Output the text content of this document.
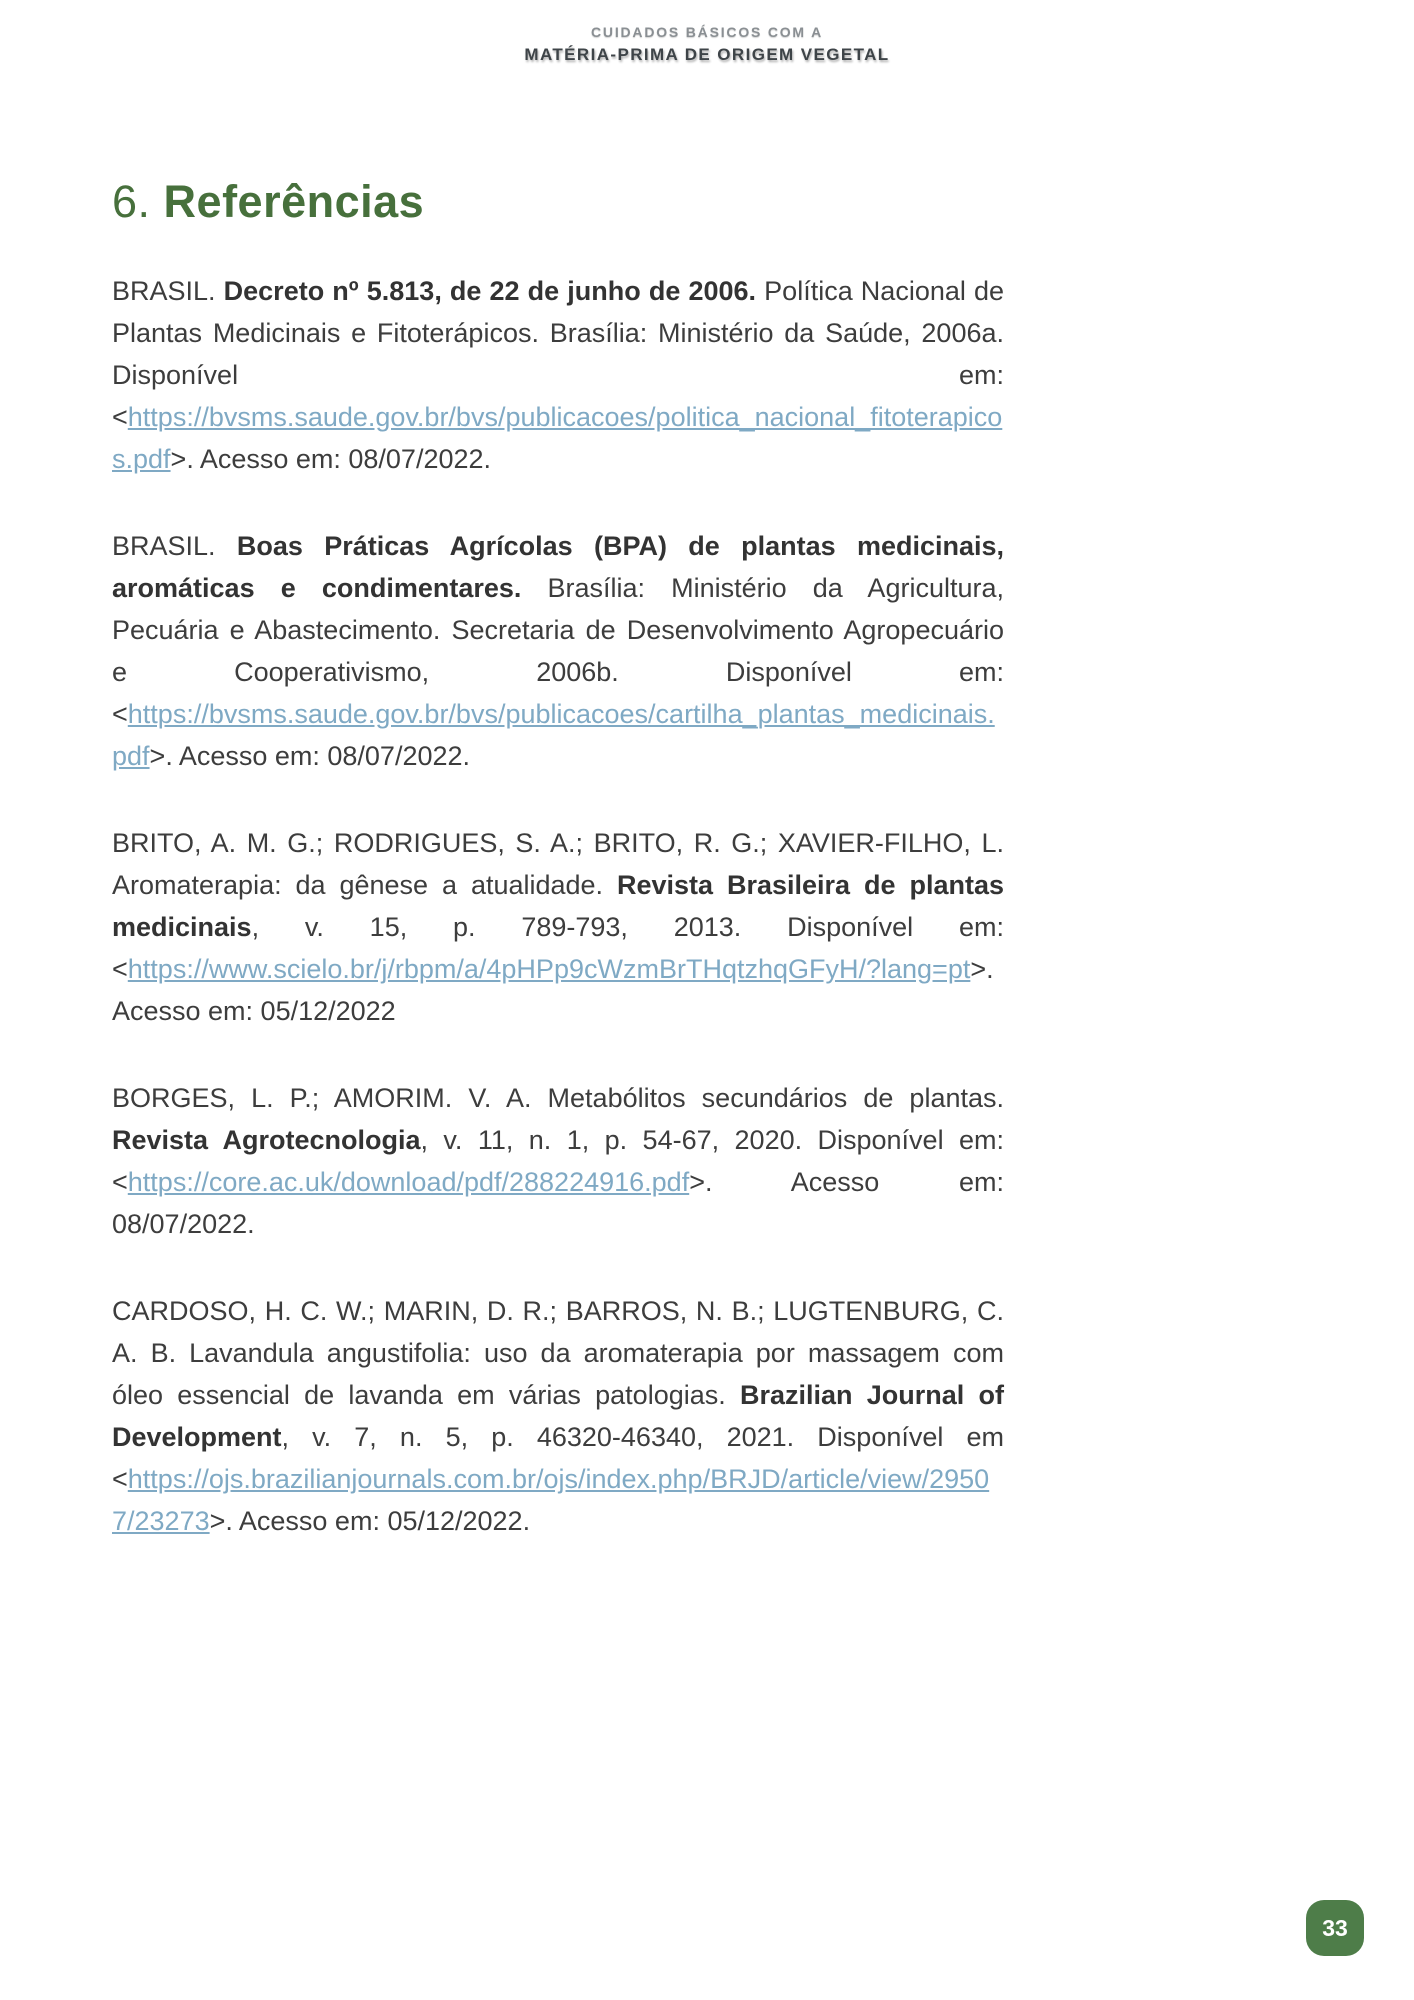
CUIDADOS BÁSICOS COM A
MATÉRIA-PRIMA DE ORIGEM VEGETAL
6. Referências

BRASIL. Decreto nº 5.813, de 22 de junho de 2006. Política Nacional de Plantas Medicinais e Fitoterápicos. Brasília: Ministério da Saúde, 2006a. Disponível em: <https://bvsms.saude.gov.br/bvs/publicacoes/politica_nacional_fitoterapicos.pdf>. Acesso em: 08/07/2022.

BRASIL. Boas Práticas Agrícolas (BPA) de plantas medicinais, aromáticas e condimentares. Brasília: Ministério da Agricultura, Pecuária e Abastecimento. Secretaria de Desenvolvimento Agropecuário e Cooperativismo, 2006b. Disponível em: <https://bvsms.saude.gov.br/bvs/publicacoes/cartilha_plantas_medicinais.pdf>. Acesso em: 08/07/2022.

BRITO, A. M. G.; RODRIGUES, S. A.; BRITO, R. G.; XAVIER-FILHO, L. Aromaterapia: da gênese a atualidade. Revista Brasileira de plantas medicinais, v. 15, p. 789-793, 2013. Disponível em: <https://www.scielo.br/j/rbpm/a/4pHPp9cWzmBrTHqtzhqGFyH/?lang=pt>. Acesso em: 05/12/2022

BORGES, L. P.; AMORIM. V. A. Metabólitos secundários de plantas. Revista Agrotecnologia, v. 11, n. 1, p. 54-67, 2020. Disponível em: <https://core.ac.uk/download/pdf/288224916.pdf>. Acesso em: 08/07/2022.

CARDOSO, H. C. W.; MARIN, D. R.; BARROS, N. B.; LUGTENBURG, C. A. B. Lavandula angustifolia: uso da aromaterapia por massagem com óleo essencial de lavanda em várias patologias. Brazilian Journal of Development, v. 7, n. 5, p. 46320-46340, 2021. Disponível em <https://ojs.brazilianjournals.com.br/ojs/index.php/BRJD/article/view/29507/23273>. Acesso em: 05/12/2022.

33
